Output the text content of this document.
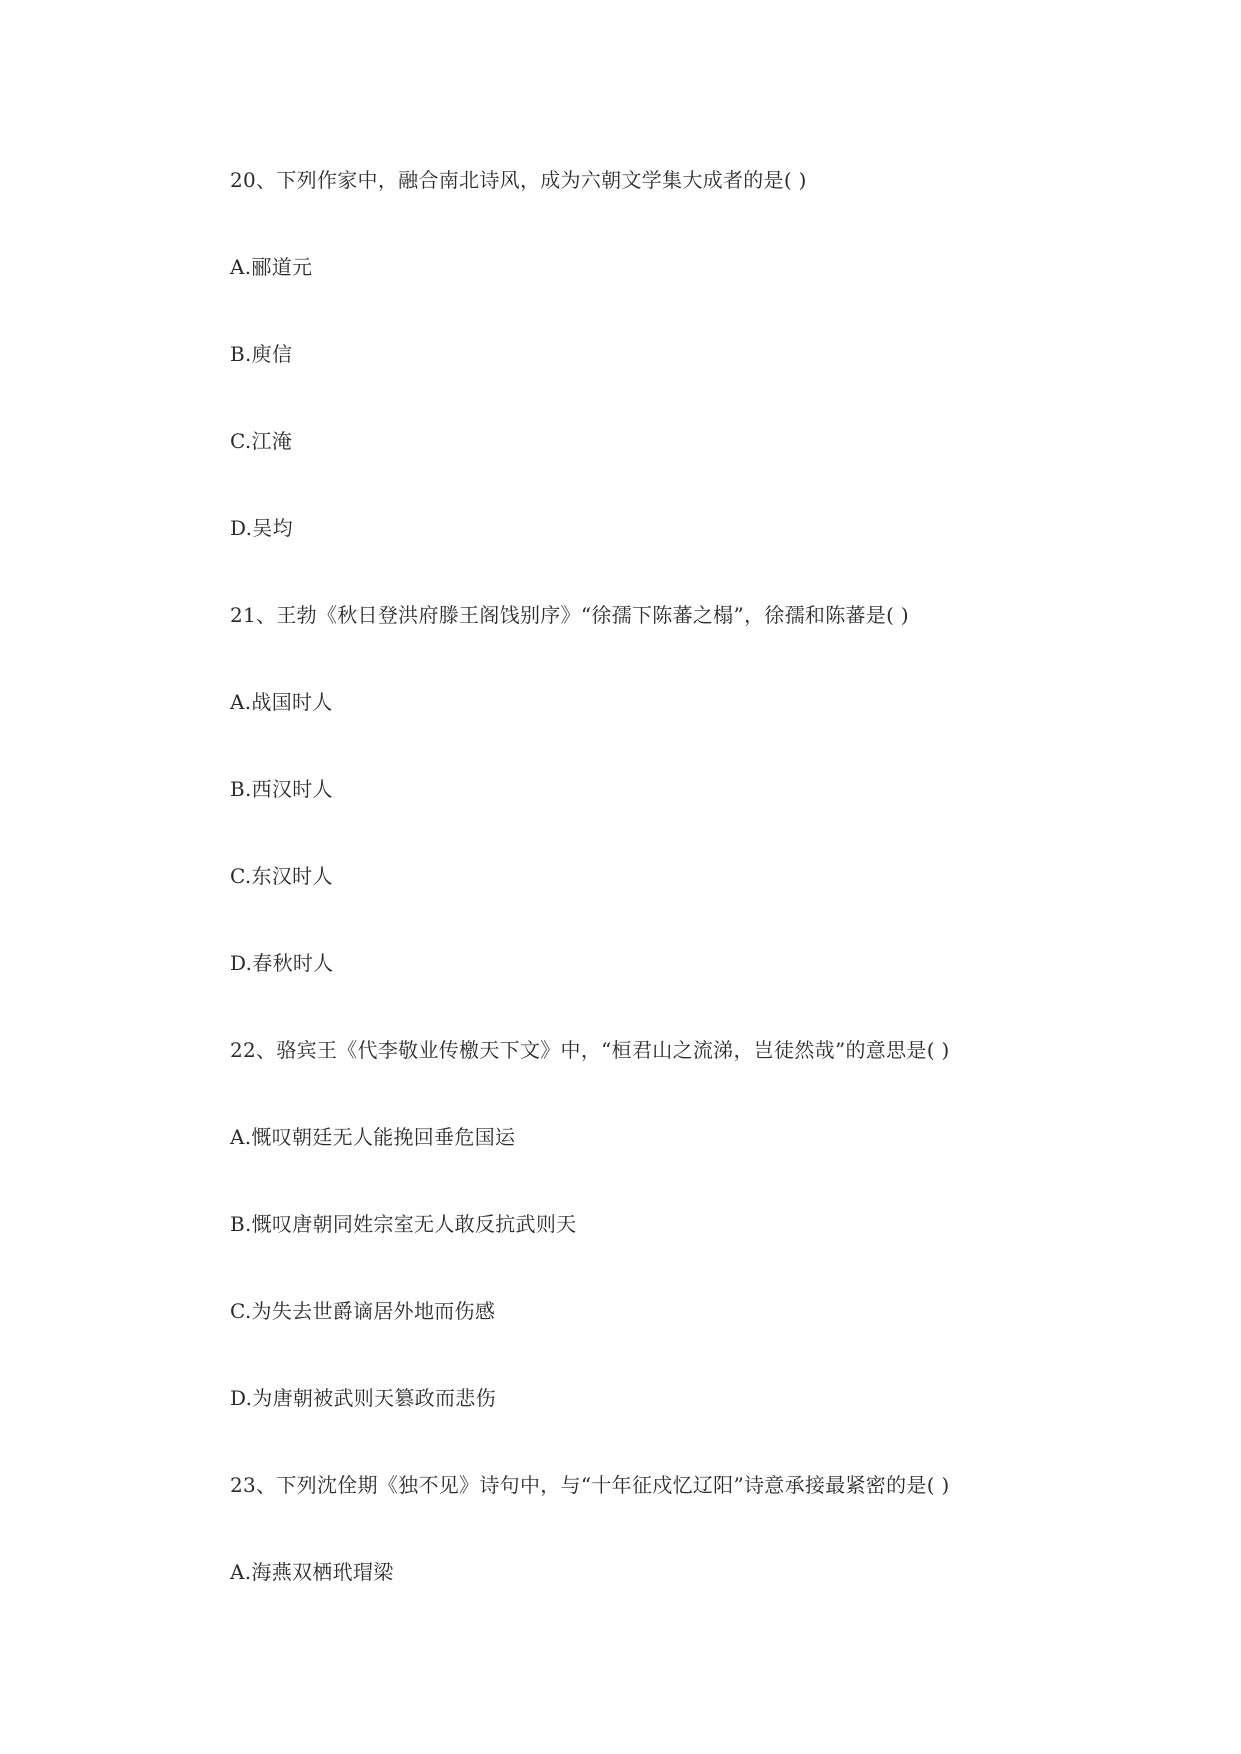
20、下列作家中，融合南北诗风，成为六朝文学集大成者的是( )
A.郦道元
B.庾信
C.江淹
D.吴均
21、王勃《秋日登洪府滕王阁饯别序》“徐孺下陈蕃之榻”，徐孺和陈蕃是( )
A.战国时人
B.西汉时人
C.东汉时人
D.春秋时人
22、骆宾王《代李敬业传檄天下文》中，“桓君山之流涕，岂徒然哉”的意思是( )
A.慨叹朝廷无人能挽回垂危国运
B.慨叹唐朝同姓宗室无人敢反抗武则天
C.为失去世爵谪居外地而伤感
D.为唐朝被武则天篡政而悲伤
23、下列沈佺期《独不见》诗句中，与“十年征戍忆辽阳”诗意承接最紧密的是( )
A.海燕双栖玳瑁梁
